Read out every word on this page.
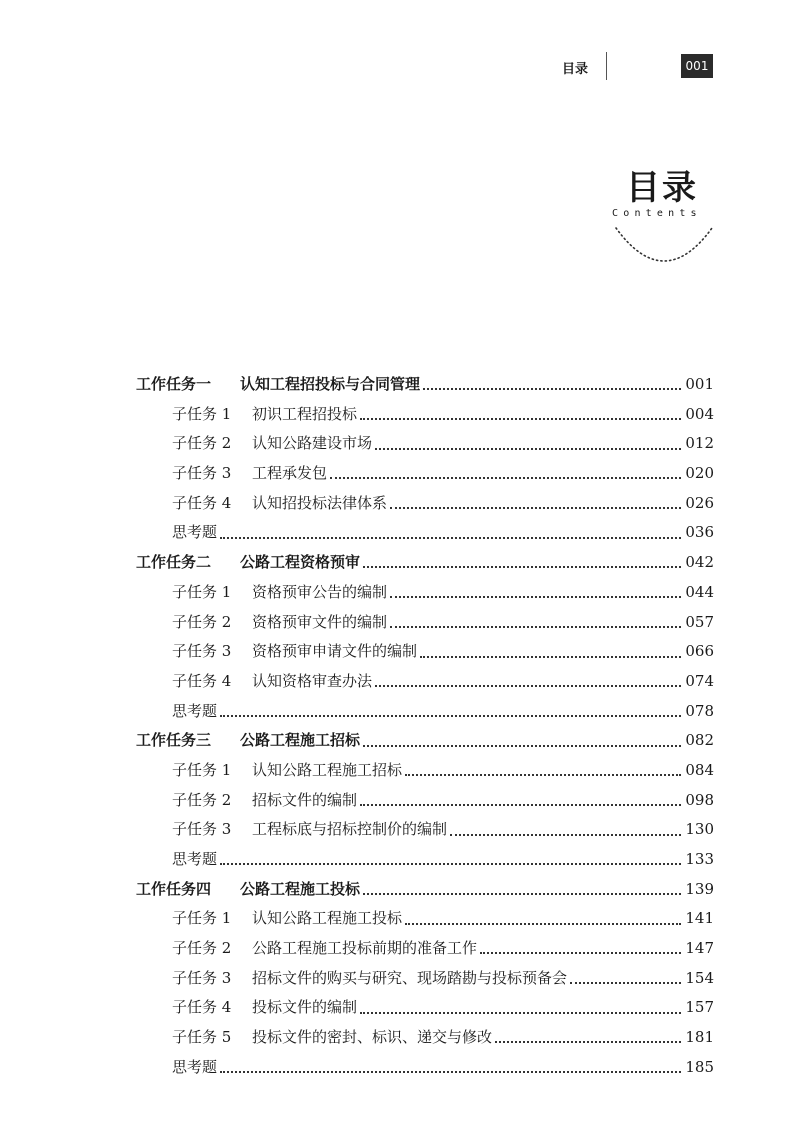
目录	001
目录
Contents
工作任务一	认知工程招投标与合同管理	001
子任务 1	初识工程招投标	004
子任务 2	认知公路建设市场	012
子任务 3	工程承发包	020
子任务 4	认知招投标法律体系	026
思考题	036
工作任务二	公路工程资格预审	042
子任务 1	资格预审公告的编制	044
子任务 2	资格预审文件的编制	057
子任务 3	资格预审申请文件的编制	066
子任务 4	认知资格审查办法	074
思考题	078
工作任务三	公路工程施工招标	082
子任务 1	认知公路工程施工招标	084
子任务 2	招标文件的编制	098
子任务 3	工程标底与招标控制价的编制	130
思考题	133
工作任务四	公路工程施工投标	139
子任务 1	认知公路工程施工投标	141
子任务 2	公路工程施工投标前期的准备工作	147
子任务 3	招标文件的购买与研究、现场踏勘与投标预备会	154
子任务 4	投标文件的编制	157
子任务 5	投标文件的密封、标识、递交与修改	181
思考题	185
